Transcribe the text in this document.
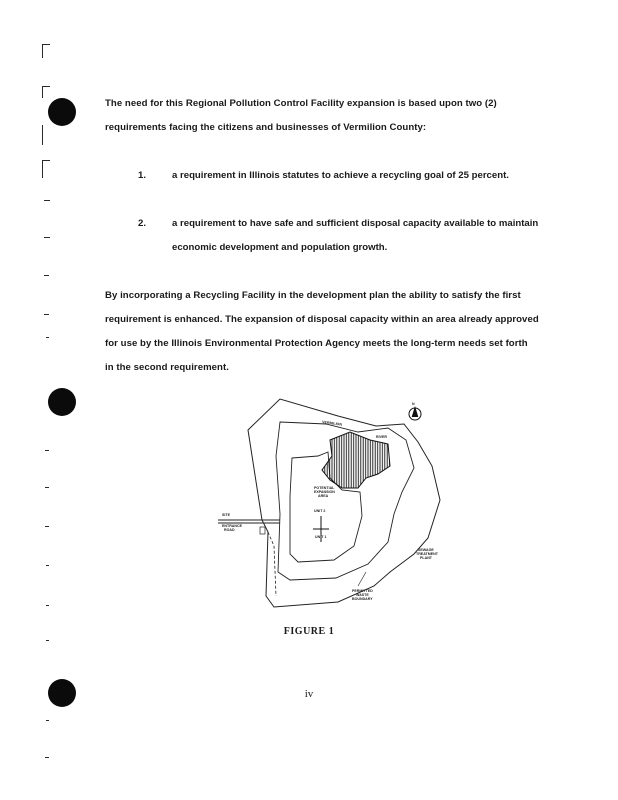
The need for this Regional Pollution Control Facility expansion is based upon two (2)
requirements facing the citizens and businesses of Vermilion County:
1.	a requirement in Illinois statutes to achieve a recycling goal of 25 percent.
2.	a requirement to have safe and sufficient disposal capacity available to maintain
economic development and population growth.
By incorporating a Recycling Facility in the development plan the ability to satisfy the first
requirement is enhanced. The expansion of disposal capacity within an area already approved
for use by the Illinois Environmental Protection Agency meets the long-term needs set forth
in the second requirement.
N
VERMILION
RIVER
POTENTIAL
EXPANSION
AREA
UNIT 2
UNIT 1
SITE
ENTRANCE
ROAD
SEWAGE
TREATMENT
PLANT
PERMITTED
WASTE
BOUNDARY
FIGURE 1
iv
